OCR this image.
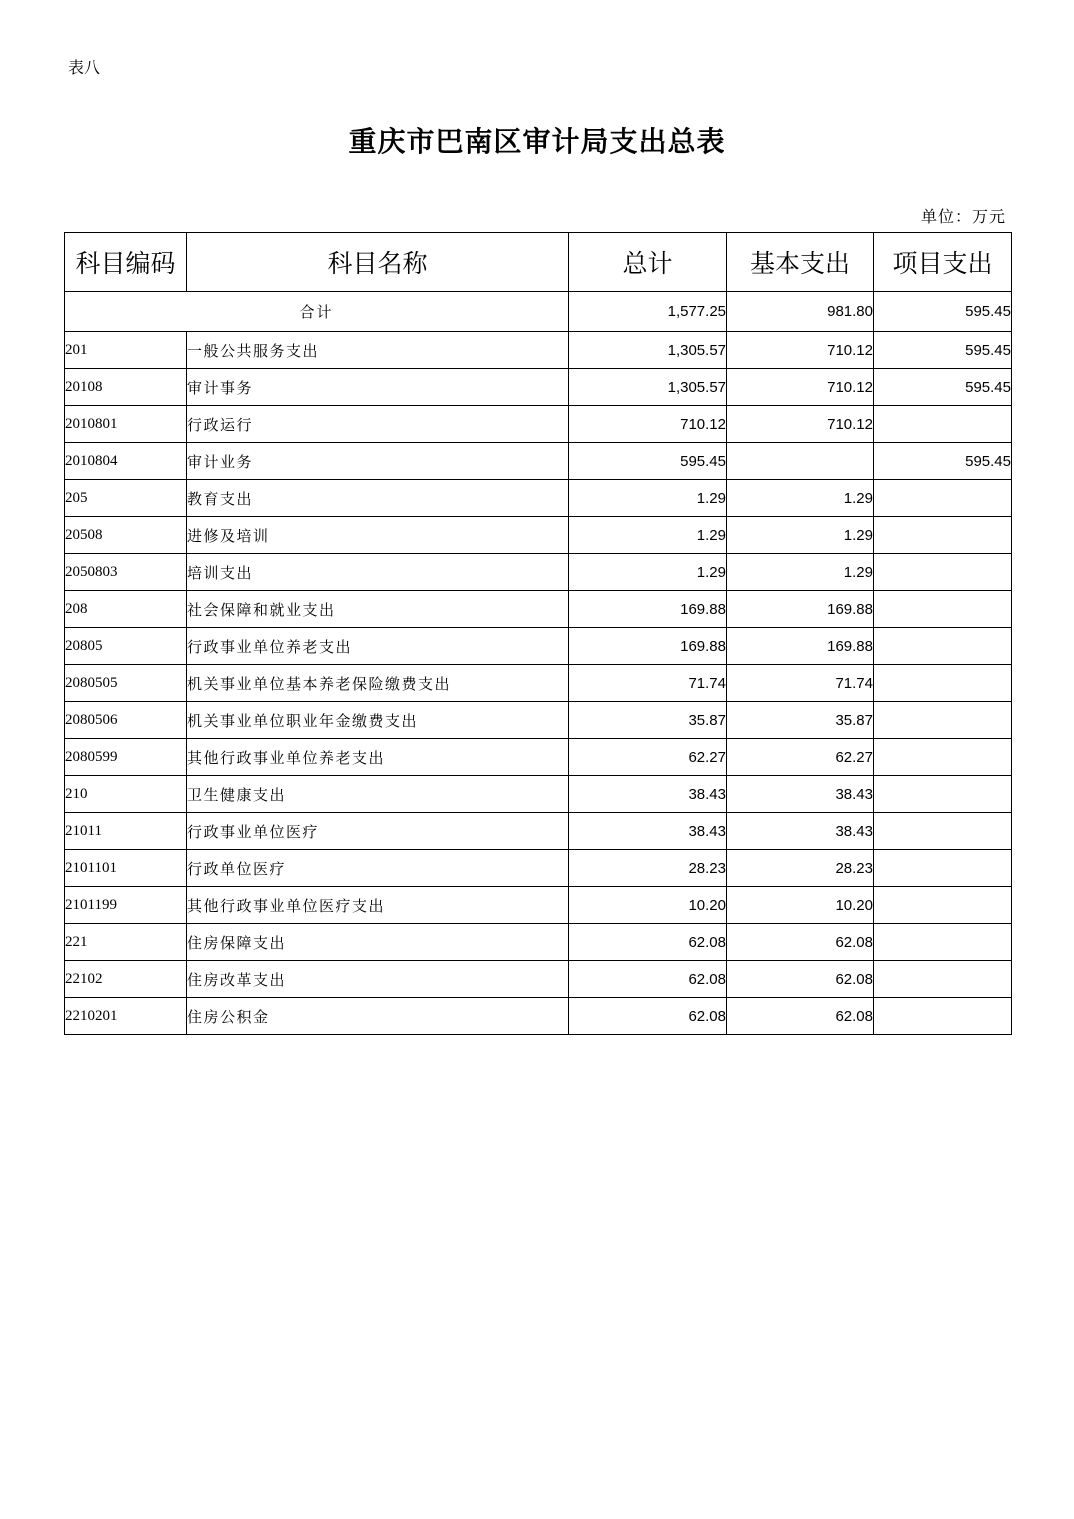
表八
重庆市巴南区审计局支出总表
单位：万元
科目编码	科目名称	总计	基本支出	项目支出
合计		1,577.25	981.80	595.45
201	一般公共服务支出	1,305.57	710.12	595.45
20108	审计事务	1,305.57	710.12	595.45
2010801	行政运行	710.12	710.12	
2010804	审计业务	595.45		595.45
205	教育支出	1.29	1.29	
20508	进修及培训	1.29	1.29	
2050803	培训支出	1.29	1.29	
208	社会保障和就业支出	169.88	169.88	
20805	行政事业单位养老支出	169.88	169.88	
2080505	机关事业单位基本养老保险缴费支出	71.74	71.74	
2080506	机关事业单位职业年金缴费支出	35.87	35.87	
2080599	其他行政事业单位养老支出	62.27	62.27	
210	卫生健康支出	38.43	38.43	
21011	行政事业单位医疗	38.43	38.43	
2101101	行政单位医疗	28.23	28.23	
2101199	其他行政事业单位医疗支出	10.20	10.20	
221	住房保障支出	62.08	62.08	
22102	住房改革支出	62.08	62.08	
2210201	住房公积金	62.08	62.08	
